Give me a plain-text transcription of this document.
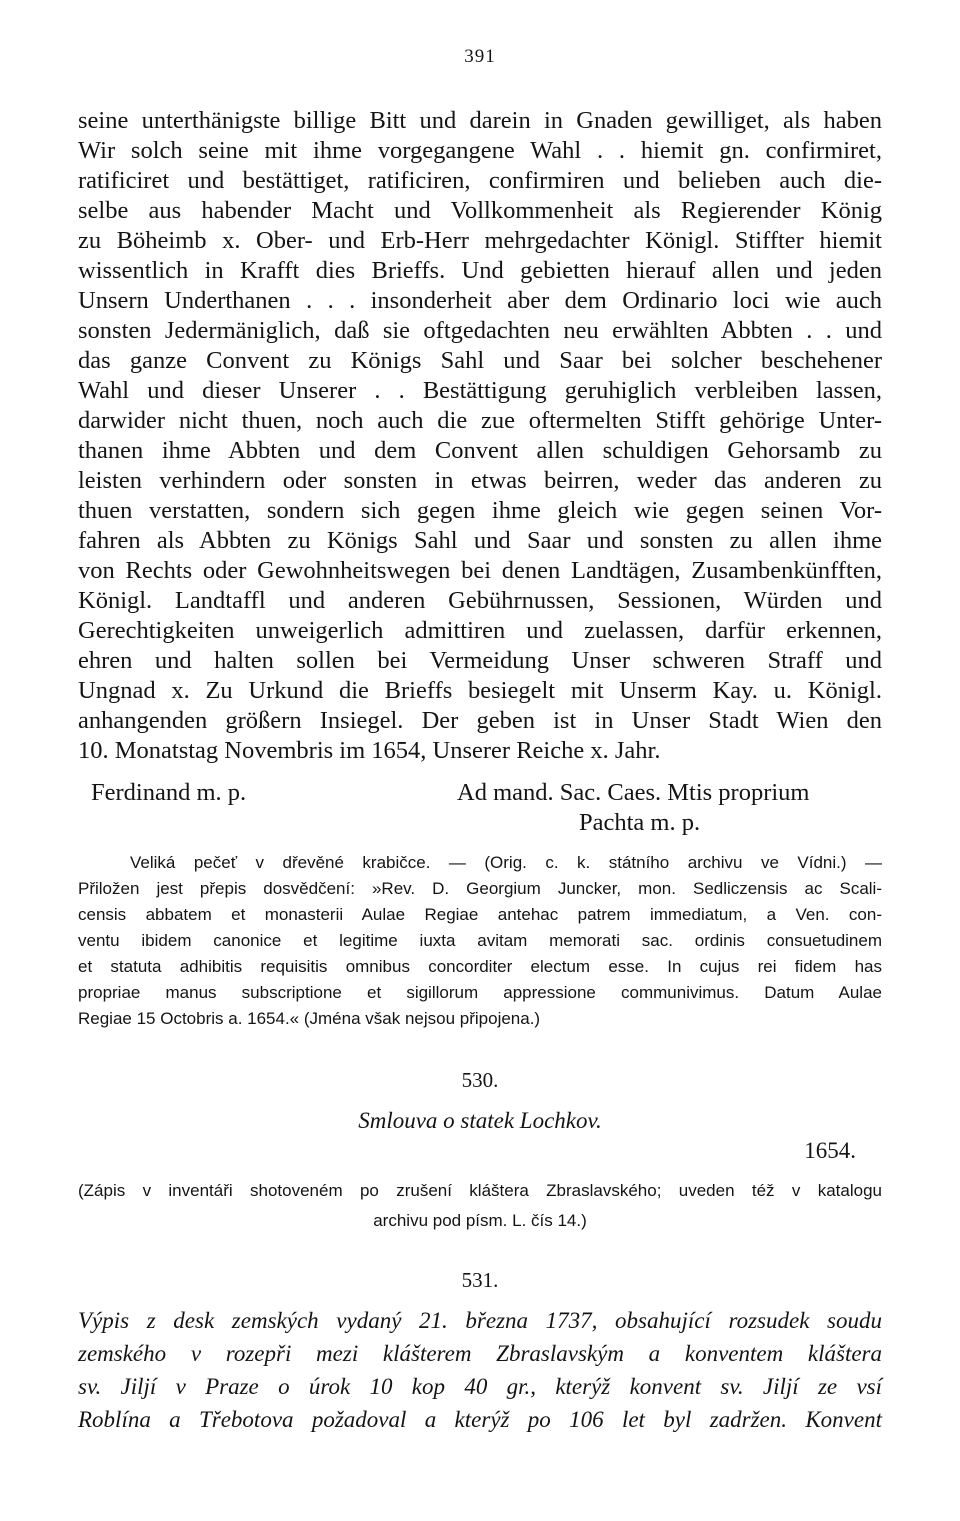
391
seine unterthänigste billige Bitt und darein in Gnaden gewilliget, als haben
Wir solch seine mit ihme vorgegangene Wahl . . hiemit gn. confirmiret,
ratificiret und bestättiget, ratificiren, confirmiren und belieben auch die-
selbe aus habender Macht und Vollkommenheit als Regierender König
zu Böheimb x. Ober- und Erb-Herr mehrgedachter Königl. Stiffter hiemit
wissentlich in Krafft dies Brieffs. Und gebietten hierauf allen und jeden
Unsern Underthanen . . . insonderheit aber dem Ordinario loci wie auch
sonsten Jedermäniglich, daß sie oftgedachten neu erwählten Abbten . . und
das ganze Convent zu Königs Sahl und Saar bei solcher beschehener
Wahl und dieser Unserer . . Bestättigung geruhiglich verbleiben lassen,
darwider nicht thuen, noch auch die zue oftermelten Stifft gehörige Unter-
thanen ihme Abbten und dem Convent allen schuldigen Gehorsamb zu
leisten verhindern oder sonsten in etwas beirren, weder das anderen zu
thuen verstatten, sondern sich gegen ihme gleich wie gegen seinen Vor-
fahren als Abbten zu Königs Sahl und Saar und sonsten zu allen ihme
von Rechts oder Gewohnheitswegen bei denen Landtägen, Zusambenkünfften,
Königl. Landtaffl und anderen Gebührnussen, Sessionen, Würden und
Gerechtigkeiten unweigerlich admittiren und zuelassen, darfür erkennen,
ehren und halten sollen bei Vermeidung Unser schweren Straff und
Ungnad x. Zu Urkund die Brieffs besiegelt mit Unserm Kay. u. Königl.
anhangenden größern Insiegel. Der geben ist in Unser Stadt Wien den
10. Monatstag Novembris im 1654, Unserer Reiche x. Jahr.
Ferdinand m. p.	Ad mand. Sac. Caes. Mtis proprium
Pachta m. p.
Veliká pečeť v dřevěné krabičce. — (Orig. c. k. státního archivu ve Vídni.) —
Přiložen jest přepis dosvědčení: »Rev. D. Georgium Juncker, mon. Sedliczensis ac Scali-
censis abbatem et monasterii Aulae Regiae antehac patrem immediatum, a Ven. con-
ventu ibidem canonice et legitime iuxta avitam memorati sac. ordinis consuetudinem
et statuta adhibitis requisitis omnibus concorditer electum esse. In cujus rei fidem has
propriae manus subscriptione et sigillorum appressione communivimus. Datum Aulae
Regiae 15 Octobris a. 1654.« (Jména však nejsou připojena.)
530.
Smlouva o statek Lochkov.
1654.
(Zápis v inventáři shotoveném po zrušení kláštera Zbraslavského; uveden též v katalogu
archivu pod písm. L. čís 14.)
531.
Výpis z desk zemských vydaný 21. března 1737, obsahující rozsudek soudu
zemského v rozepři mezi klášterem Zbraslavským a konventem kláštera
sv. Jiljí v Praze o úrok 10 kop 40 gr., kterýž konvent sv. Jiljí ze vsí
Roblína a Třebotova požadoval a kterýž po 106 let byl zadržen. Konvent
